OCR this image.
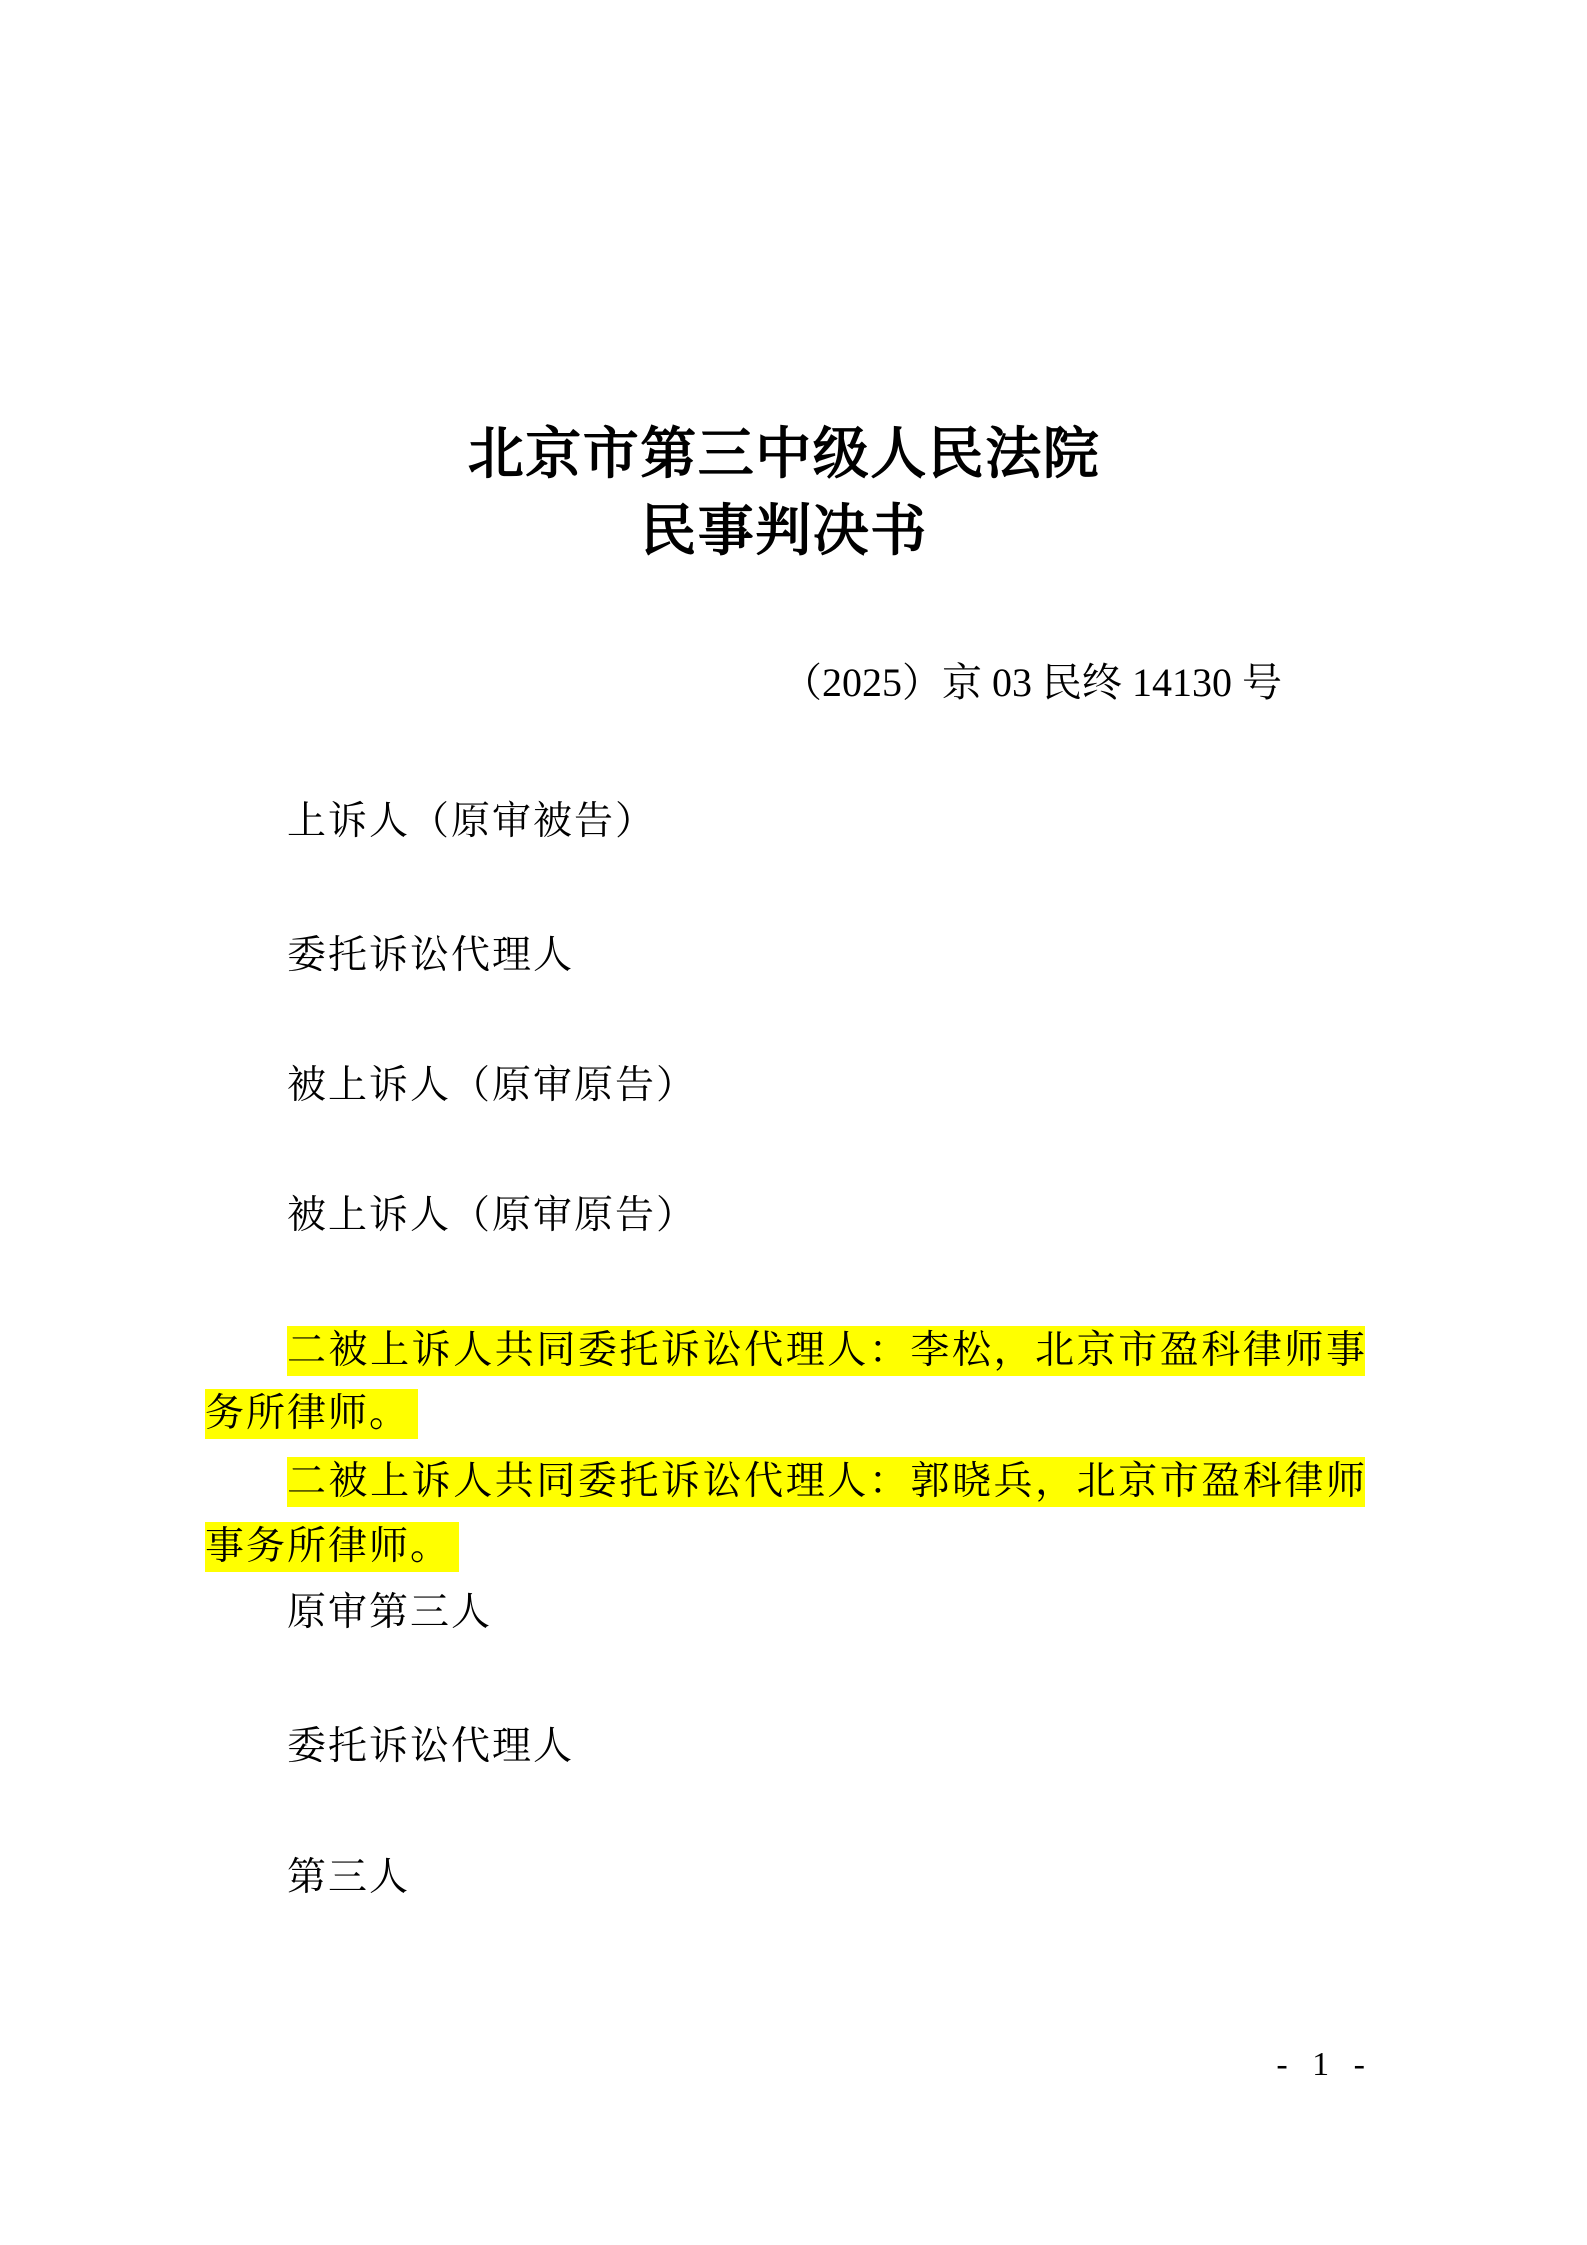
北京市第三中级人民法院
民事判决书
（2025）京 03 民终 14130 号
上诉人（原审被告）
委托诉讼代理人
被上诉人（原审原告）
被上诉人（原审原告）
二被上诉人共同委托诉讼代理人：李松，北京市盈科律师事
务所律师。
二被上诉人共同委托诉讼代理人：郭晓兵，北京市盈科律师
事务所律师。
原审第三人
委托诉讼代理人
第三人
- 1 -
